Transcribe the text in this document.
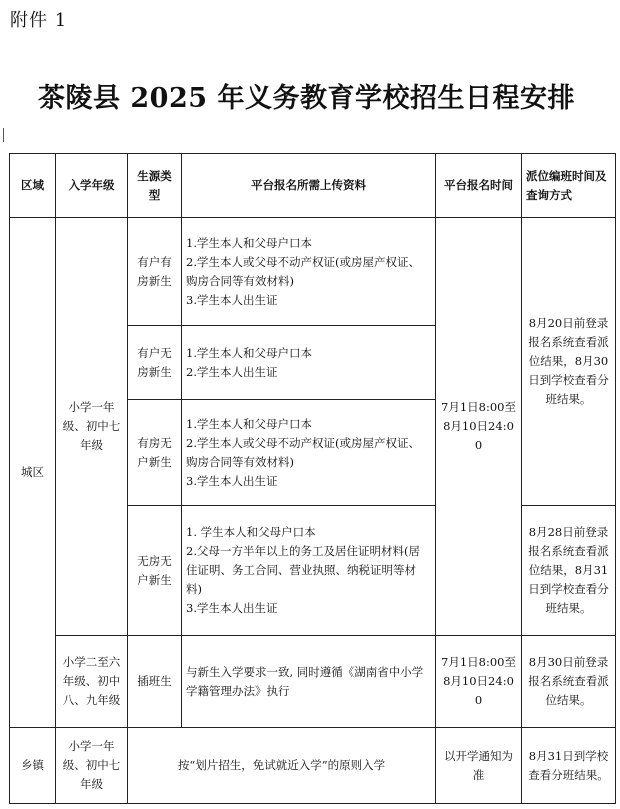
附件 1
茶陵县 2025 年义务教育学校招生日程安排
区域	入学年级	生源类型	平台报名所需上传资料	平台报名时间	派位编班时间及查询方式
城区	小学一年级、初中七年级	有户有房新生	1.学生本人和父母户口本
2.学生本人或父母不动产权证(或房屋产权证、购房合同等有效材料)
3.学生本人出生证	7月1日8:00至8月10日24:00	8月20日前登录报名系统查看派位结果，8月30日到学校查看分班结果。
		有户无房新生	1.学生本人和父母户口本
2.学生本人出生证		

		有房无户新生	1.学生本人和父母户口本
2.学生本人或父母不动产权证(或房屋产权证、购房合同等有效材料)
3.学生本人出生证		

		无房无户新生	1. 学生本人和父母户口本
2.父母一方半年以上的务工及居住证明材料(居住证明、务工合同、营业执照、纳税证明等材料)
3.学生本人出生证		8月28日前登录报名系统查看派位结果，8月31日到学校查看分班结果。
	小学二至六年级、初中八、九年级	插班生	与新生入学要求一致, 同时遵循《湖南省中小学学籍管理办法》执行	7月1日8:00至8月10日24:00	8月30日前登录报名系统查看派位结果。
乡镇	小学一年级、初中七年级	按“划片招生，免试就近入学”的原则入学		以开学通知为准	8月31日到学校查看分班结果。
